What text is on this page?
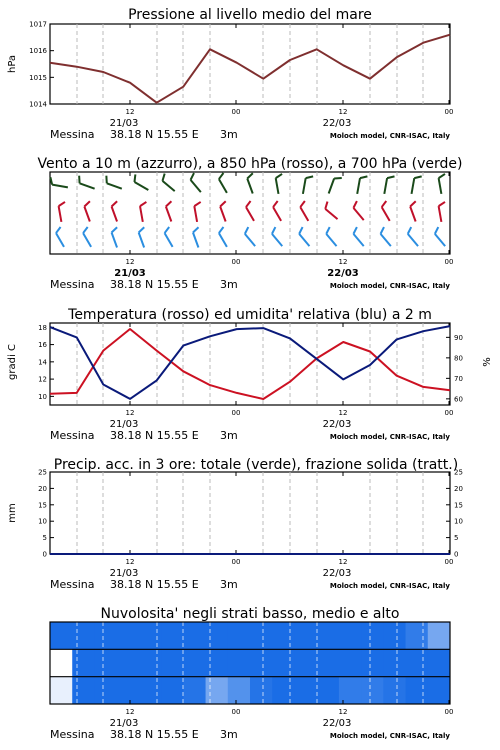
Pressione al livello medio del mare
hPa
1014
1015
1016
1017
12	00	12	00
21/03	22/03
Messina 38.18 N 15.55 E 3m	Moloch model, CNR-ISAC, Italy
Vento a 10 m (azzurro), a 850 hPa (rosso), a 700 hPa (verde)
12	00	12	00
21/03	22/03
Messina 38.18 N 15.55 E 3m	Moloch model, CNR-ISAC, Italy
Temperatura (rosso) ed umidita' relativa (blu) a 2 m
gradi C	%
10
12
14
16
18
60
70
80
90
12	00	12	00
21/03	22/03
Messina 38.18 N 15.55 E 3m	Moloch model, CNR-ISAC, Italy
Precip. acc. in 3 ore: totale (verde), frazione solida (tratt.)
mm
0
5
10
15
20
25
0
5
10
15
20
25
12	00	12	00
21/03	22/03
Messina 38.18 N 15.55 E 3m	Moloch model, CNR-ISAC, Italy
Nuvolosita' negli strati basso, medio e alto
12	00	12	00
21/03	22/03
Messina 38.18 N 15.55 E 3m	Moloch model, CNR-ISAC, Italy
